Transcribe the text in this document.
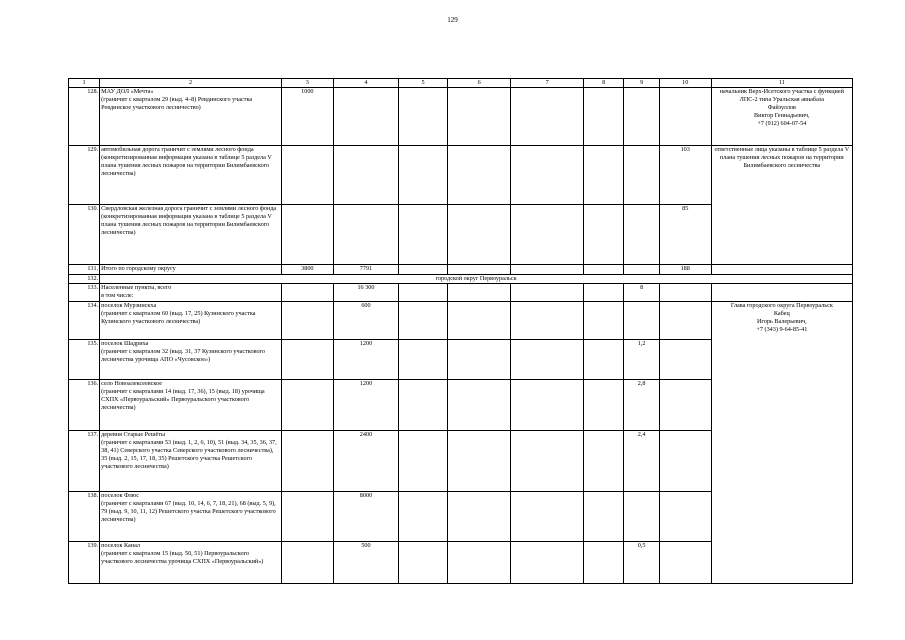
129
1	2	3	4	5	6	7	8	9	10	11
128.	МАУ ДОЛ «Мечта»
(граничит с кварталом 29 (выд. 4–8) Ревдинского участка Ревдинское участкового лесничество)	1000								начальник Верх-Исетского участка с функцией ЛПС-2 типа Уральская авиабаза
Файзуллов
Виктор Геннадьевич,
+7 (912) 604-07-54
129.	автомобильная дорога граничит с землями лесного фонда
(конкретизированная информация указана в таблице 5 раздела V плана тушения лесных пожаров на территории Билимбаевского лесничества)								103	ответственные лица указаны в таблице 5 раздела V плана тушения лесных пожаров на территории Билимбаевского лесничества
130.	Свердловская железная дорога граничит с землями лесного фонда
(конкретизированная информация указана в таблице 5 раздела V плана тушения лесных пожаров на территории Билимбаевского лесничества)								85	
131.	Итого по городскому округу	3800	7791						188	
132.	городской округ Первоуральск									
133.	Населенные пункты, всего
в том числе:		16 300					8		
134.	поселок Мурзинскха
(граничит с кварталом 60 (выд. 17, 25) Кузинского участка Кузинского участкового лесничества)		600							Глава городского округа Первоуральск
Кабец
Игорь Валерьевич,
+7 (343) 9-64-85-41
135.	поселок Шадриха
(граничит с кварталом 32 (выд. 31, 37 Кузинского участкового лесничества урочища АПО «Чусовское»)		1200					1,2		
136.	село Новоалексеевское
(граничит с кварталами 14 (выд. 17, 36), 15 (выд. 18) урочища СХПХ «Первоуральский» Первоуральского участкового лесничества)		1200					2,8		
137.	деревня Старые Решёты
(граничит с кварталами 53 (выд. 1, 2, 6, 10), 51 (выд. 34, 35, 36, 37, 38, 41) Северского участка Северского участкового лесничества), 35 (выд. 2, 15, 17, 18, 35) Решетского участка Решетского участкового лесничества)		2400					2,4		
138.	поселок Флюс
(граничит с кварталами 67 (выд. 10, 14, 6, 7, 18, 21), 68 (выд. 5, 9), 79 (выд. 9, 10, 11, 12) Решетского участка Решетского участкового лесничества)		8000							
139.	поселок Канал
(граничит с кварталом 15 (выд. 50, 51) Первоуральского участкового лесничества урочища СХПХ «Первоуральский»)		500					0,5		
